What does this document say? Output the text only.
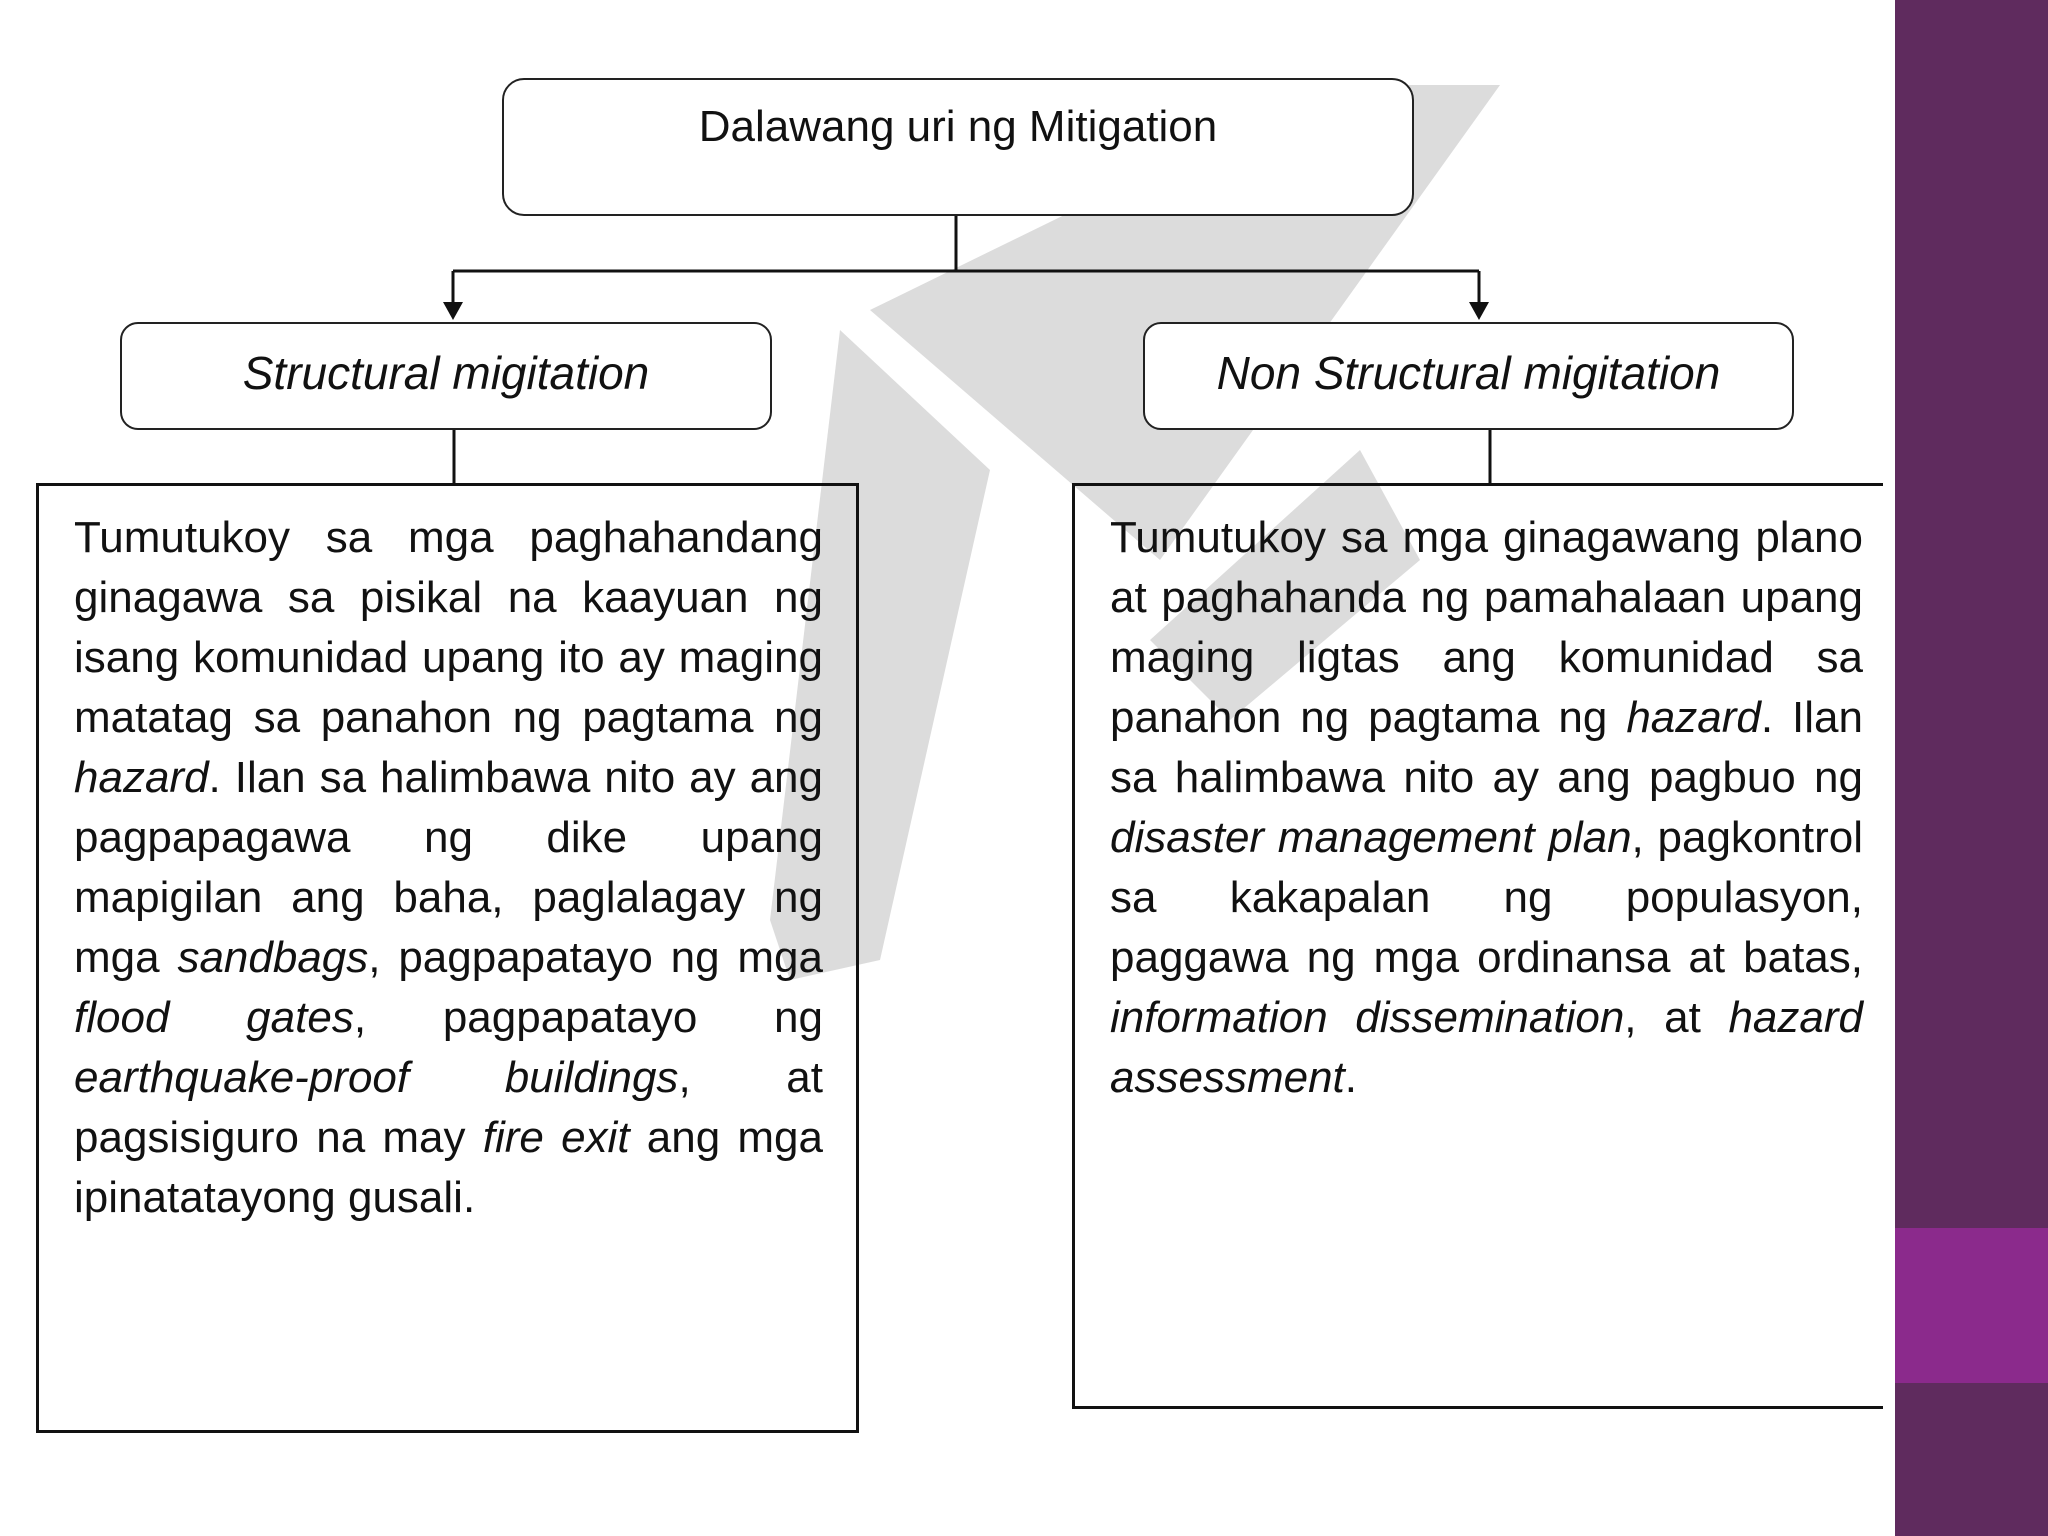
Dalawang uri ng Mitigation
Structural migitation	Non Structural migitation

Tumutukoy sa mga paghahandang ginagawa sa pisikal na kaayuan ng isang komunidad upang ito ay maging matatag sa panahon ng pagtama ng hazard. Ilan sa halimbawa nito ay ang pagpapagawa ng dike upang mapigilan ang baha, paglalagay ng mga sandbags, pagpapatayo ng mga flood gates, pagpapatayo ng earthquake-proof buildings, at pagsisiguro na may fire exit ang mga ipinatatayong gusali.

Tumutukoy sa mga ginagawang plano at paghahanda ng pamahalaan upang maging ligtas ang komunidad sa panahon ng pagtama ng hazard. Ilan sa halimbawa nito ay ang pagbuo ng disaster management plan, pagkontrol sa kakapalan ng populasyon, paggawa ng mga ordinansa at batas, information dissemination, at hazard assessment.
